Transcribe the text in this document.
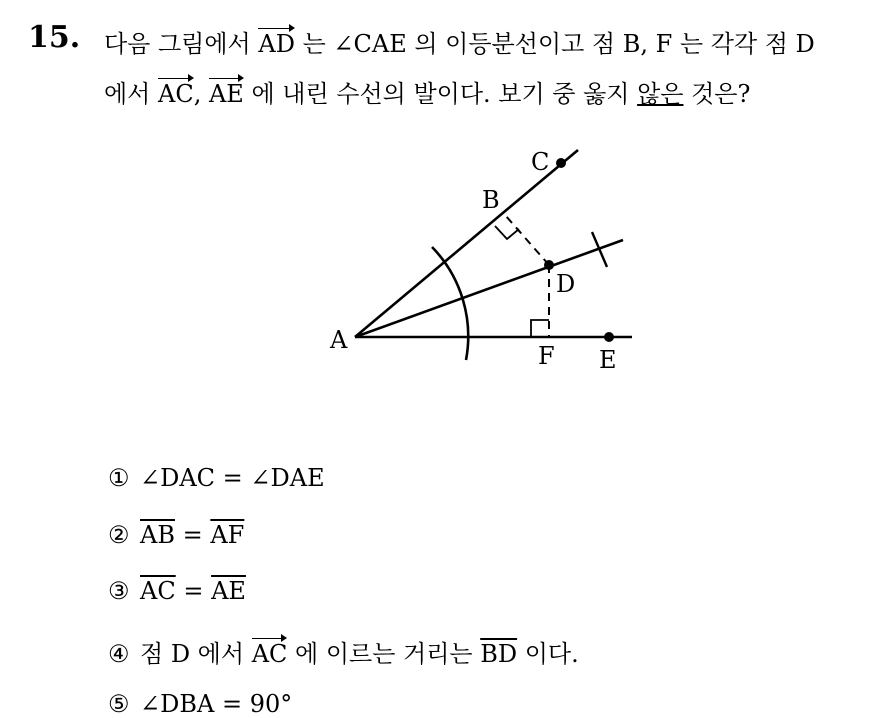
15. 다음 그림에서 AD 는 ∠CAE 의 이등분선이고 점 B, F 는 각각 점 D
에서 AC, AE 에 내린 수선의 발이다. 보기 중 옳지 않은 것은?
A
B
C
D
E
F
① ∠DAC = ∠DAE
② $\overline{AB} = \overline{AF}$
③ $\overline{AC} = \overline{AE}$
④ 점 D 에서 AC 에 이르는 거리는 $\overline{BD}$ 이다.
⑤ ∠DBA = 90°
